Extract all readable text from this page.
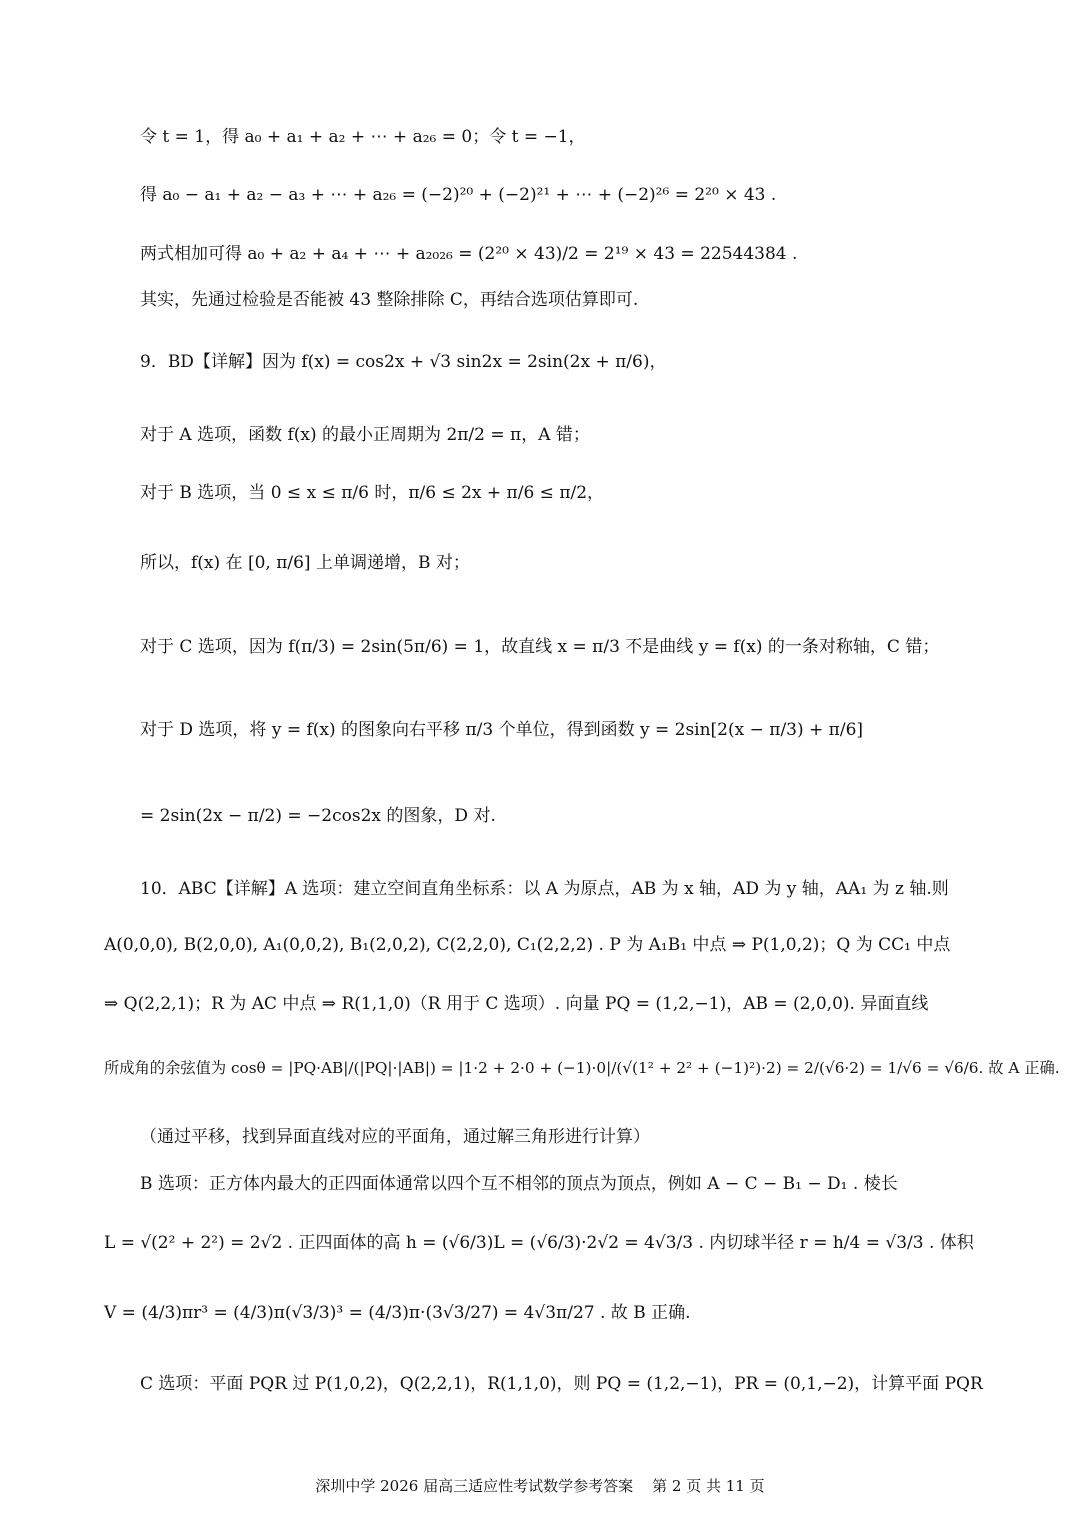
令 t = 1，得 a₀ + a₁ + a₂ + ⋯ + a₂₆ = 0；令 t = −1，
得 a₀ − a₁ + a₂ − a₃ + ⋯ + a₂₆ = (−2)²⁰ + (−2)²¹ + ⋯ + (−2)²⁶ = 2²⁰ × 43 .
两式相加可得 a₀ + a₂ + a₄ + ⋯ + a₂₀₂₆ = (2²⁰ × 43)/2 = 2¹⁹ × 43 = 22544384 .
其实，先通过检验是否能被 43 整除排除 C，再结合选项估算即可.
9．BD【详解】因为 f(x) = cos2x + √3 sin2x = 2sin(2x + π/6)，
对于 A 选项，函数 f(x) 的最小正周期为 2π/2 = π，A 错；
对于 B 选项，当 0 ≤ x ≤ π/6 时，π/6 ≤ 2x + π/6 ≤ π/2，
所以，f(x) 在 [0, π/6] 上单调递增，B 对；
对于 C 选项，因为 f(π/3) = 2sin(5π/6) = 1，故直线 x = π/3 不是曲线 y = f(x) 的一条对称轴，C 错；
对于 D 选项，将 y = f(x) 的图象向右平移 π/3 个单位，得到函数 y = 2sin[2(x − π/3) + π/6]
= 2sin(2x − π/2) = −2cos2x 的图象，D 对.
10．ABC【详解】A 选项：建立空间直角坐标系：以 A 为原点，AB 为 x 轴，AD 为 y 轴，AA₁ 为 z 轴.则
A(0,0,0), B(2,0,0), A₁(0,0,2), B₁(2,0,2), C(2,2,0), C₁(2,2,2) . P 为 A₁B₁ 中点 ⇒ P(1,0,2)；Q 为 CC₁ 中点
⇒ Q(2,2,1)；R 为 AC 中点 ⇒ R(1,1,0)（R 用于 C 选项）. 向量 PQ = (1,2,−1)，AB = (2,0,0). 异面直线
所成角的余弦值为 cosθ = |PQ·AB|/(|PQ|·|AB|) = |1·2 + 2·0 + (−1)·0|/(√(1² + 2² + (−1)²)·2) = 2/(√6·2) = 1/√6 = √6/6. 故 A 正确.
（通过平移，找到异面直线对应的平面角，通过解三角形进行计算）
B 选项：正方体内最大的正四面体通常以四个互不相邻的顶点为顶点，例如 A − C − B₁ − D₁ . 棱长
L = √(2² + 2²) = 2√2 . 正四面体的高 h = (√6/3)L = (√6/3)·2√2 = 4√3/3 . 内切球半径 r = h/4 = √3/3 . 体积
V = (4/3)πr³ = (4/3)π(√3/3)³ = (4/3)π·(3√3/27) = 4√3π/27 . 故 B 正确.
C 选项：平面 PQR 过 P(1,0,2)，Q(2,2,1)，R(1,1,0)，则 PQ = (1,2,−1)，PR = (0,1,−2)，计算平面 PQR
深圳中学 2026 届高三适应性考试数学参考答案    第 2 页 共 11 页
